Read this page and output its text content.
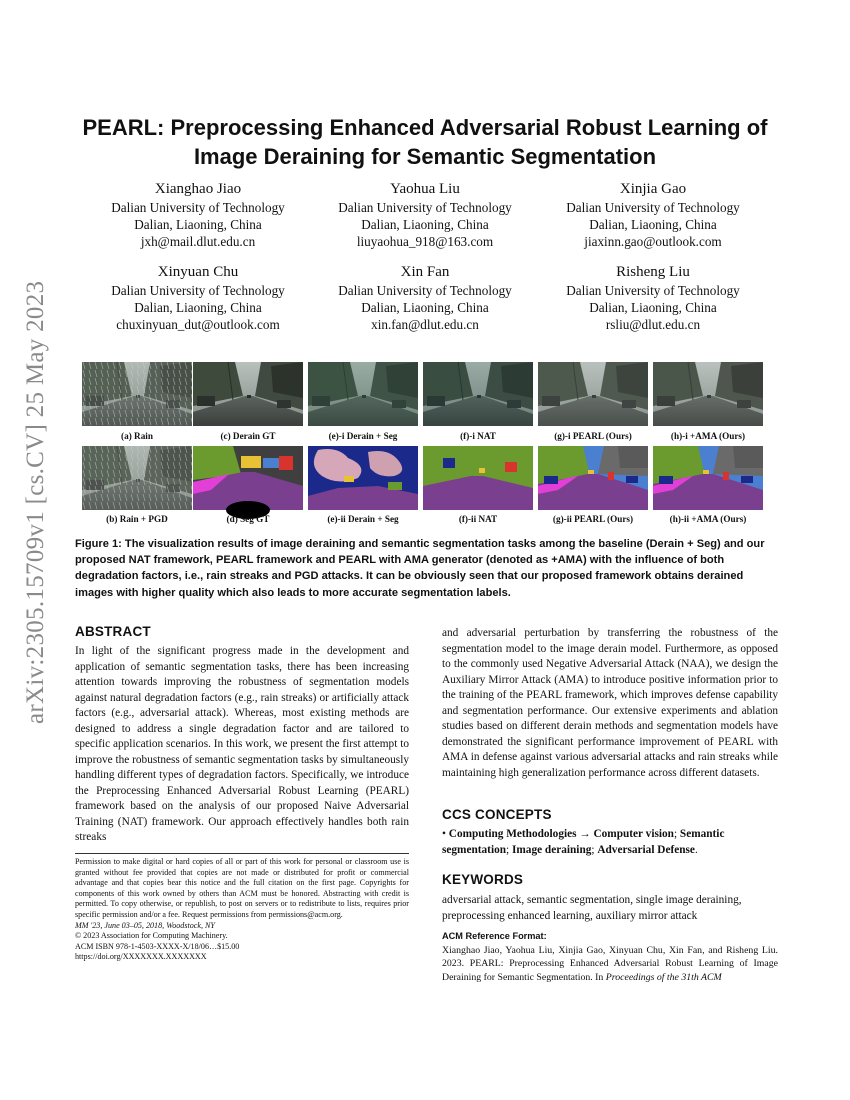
arXiv:2305.15709v1 [cs.CV] 25 May 2023
PEARL: Preprocessing Enhanced Adversarial Robust Learning of Image Deraining for Semantic Segmentation
Xianghao Jiao
Dalian University of Technology
Dalian, Liaoning, China
jxh@mail.dlut.edu.cn
Yaohua Liu
Dalian University of Technology
Dalian, Liaoning, China
liuyaohua_918@163.com
Xinjia Gao
Dalian University of Technology
Dalian, Liaoning, China
jiaxinn.gao@outlook.com
Xinyuan Chu
Dalian University of Technology
Dalian, Liaoning, China
chuxinyuan_dut@outlook.com
Xin Fan
Dalian University of Technology
Dalian, Liaoning, China
xin.fan@dlut.edu.cn
Risheng Liu
Dalian University of Technology
Dalian, Liaoning, China
rsliu@dlut.edu.cn
(a) Rain	(c) Derain GT	(e)-i Derain + Seg	(f)-i NAT	(g)-i PEARL (Ours)	(h)-i +AMA (Ours)
(b) Rain + PGD	(d) Seg GT	(e)-ii Derain + Seg	(f)-ii NAT	(g)-ii PEARL (Ours)	(h)-ii +AMA (Ours)
Figure 1: The visualization results of image deraining and semantic segmentation tasks among the baseline (Derain + Seg) and our proposed NAT framework, PEARL framework and PEARL with AMA generator (denoted as +AMA) with the influence of both degradation factors, i.e., rain streaks and PGD attacks. It can be obviously seen that our proposed framework obtains derained images with higher quality which also leads to more accurate segmentation labels.
ABSTRACT
In light of the significant progress made in the development and application of semantic segmentation tasks, there has been increasing attention towards improving the robustness of segmentation models against natural degradation factors (e.g., rain streaks) or artificially attack factors (e.g., adversarial attack). Whereas, most existing methods are designed to address a single degradation factor and are tailored to specific application scenarios. In this work, we present the first attempt to improve the robustness of semantic segmentation tasks by simultaneously handling different types of degradation factors. Specifically, we introduce the Preprocessing Enhanced Adversarial Robust Learning (PEARL) framework based on the analysis of our proposed Naive Adversarial Training (NAT) framework. Our approach effectively handles both rain streaks
and adversarial perturbation by transferring the robustness of the segmentation model to the image derain model. Furthermore, as opposed to the commonly used Negative Adversarial Attack (NAA), we design the Auxiliary Mirror Attack (AMA) to introduce positive information prior to the training of the PEARL framework, which improves defense capability and segmentation performance. Our extensive experiments and ablation studies based on different derain methods and segmentation models have demonstrated the significant performance improvement of PEARL with AMA in defense against various adversarial attacks and rain streaks while maintaining high generalization performance across different datasets.
CCS CONCEPTS
• Computing Methodologies → Computer vision; Semantic segmentation; Image deraining; Adversarial Defense.
KEYWORDS
adversarial attack, semantic segmentation, single image deraining, preprocessing enhanced learning, auxiliary mirror attack
ACM Reference Format:
Xianghao Jiao, Yaohua Liu, Xinjia Gao, Xinyuan Chu, Xin Fan, and Risheng Liu. 2023. PEARL: Preprocessing Enhanced Adversarial Robust Learning of Image Deraining for Semantic Segmentation. In Proceedings of the 31th ACM
Permission to make digital or hard copies of all or part of this work for personal or classroom use is granted without fee provided that copies are not made or distributed for profit or commercial advantage and that copies bear this notice and the full citation on the first page. Copyrights for components of this work owned by others than ACM must be honored. Abstracting with credit is permitted. To copy otherwise, or republish, to post on servers or to redistribute to lists, requires prior specific permission and/or a fee. Request permissions from permissions@acm.org.
MM '23, June 03–05, 2018, Woodstock, NY
© 2023 Association for Computing Machinery.
ACM ISBN 978-1-4503-XXXX-X/18/06…$15.00
https://doi.org/XXXXXXX.XXXXXXX
